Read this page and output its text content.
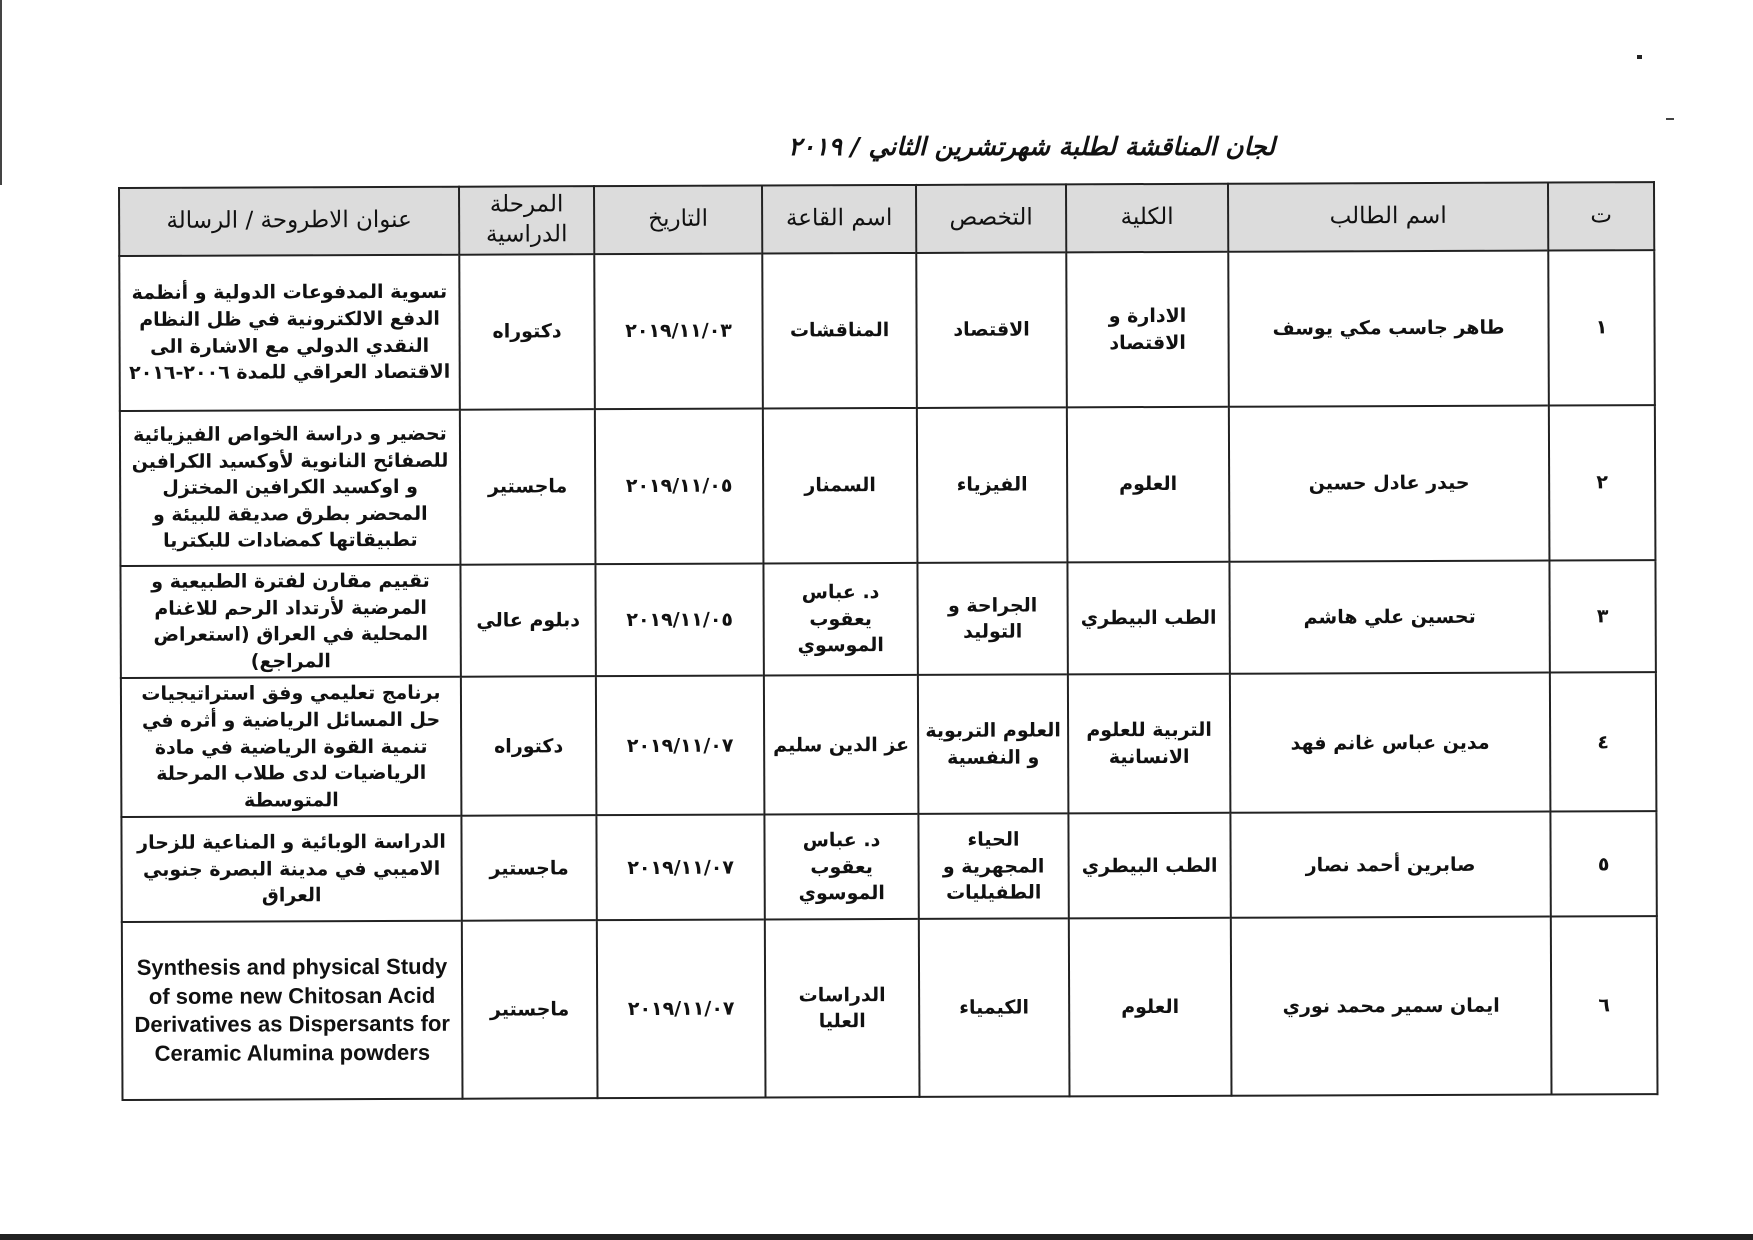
لجان المناقشة لطلبة شهرتشرين الثاني / ٢٠١٩
ت	اسم الطالب	الكلية	التخصص	اسم القاعة	التاريخ	المرحلة الدراسية	عنوان الاطروحة / الرسالة
١	طاهر جاسب مكي يوسف	الادارة و الاقتصاد	الاقتصاد	المناقشات	٢٠١٩/١١/٠٣	دكتوراه	تسوية المدفوعات الدولية و أنظمة الدفع الالكترونية في ظل النظام النقدي الدولي مع الاشارة الى الاقتصاد العراقي للمدة ٢٠٠٦-٢٠١٦
٢	حيدر عادل حسين	العلوم	الفيزياء	السمنار	٢٠١٩/١١/٠٥	ماجستير	تحضير و دراسة الخواص الفيزيائية للصفائح النانوية لأوكسيد الكرافين و اوكسيد الكرافين المختزل المحضر بطرق صديقة للبيئة و تطبيقاتها كمضادات للبكتريا
٣	تحسين علي هاشم	الطب البيطري	الجراحة و التوليد	د. عباس يعقوب الموسوي	٢٠١٩/١١/٠٥	دبلوم عالي	تقييم مقارن لفترة الطبيعية و المرضية لأرتداد الرحم للاغنام المحلية في العراق (استعراض المراجع)
٤	مدين عباس غانم فهد	التربية للعلوم الانسانية	العلوم التربوية و النفسية	عز الدين سليم	٢٠١٩/١١/٠٧	دكتوراه	برنامج تعليمي وفق استراتيجيات حل المسائل الرياضية و أثره في تنمية القوة الرياضية في مادة الرياضيات لدى طلاب المرحلة المتوسطة
٥	صابرين أحمد نصار	الطب البيطري	الحياء المجهرية و الطفيليات	د. عباس يعقوب الموسوي	٢٠١٩/١١/٠٧	ماجستير	الدراسة الوبائية و المناعية للزحار الاميبي في مدينة البصرة جنوبي العراق
٦	ايمان سمير محمد نوري	العلوم	الكيمياء	الدراسات العليا	٢٠١٩/١١/٠٧	ماجستير	Synthesis and physical Study of some new Chitosan Acid Derivatives as Dispersants for Ceramic Alumina powders
